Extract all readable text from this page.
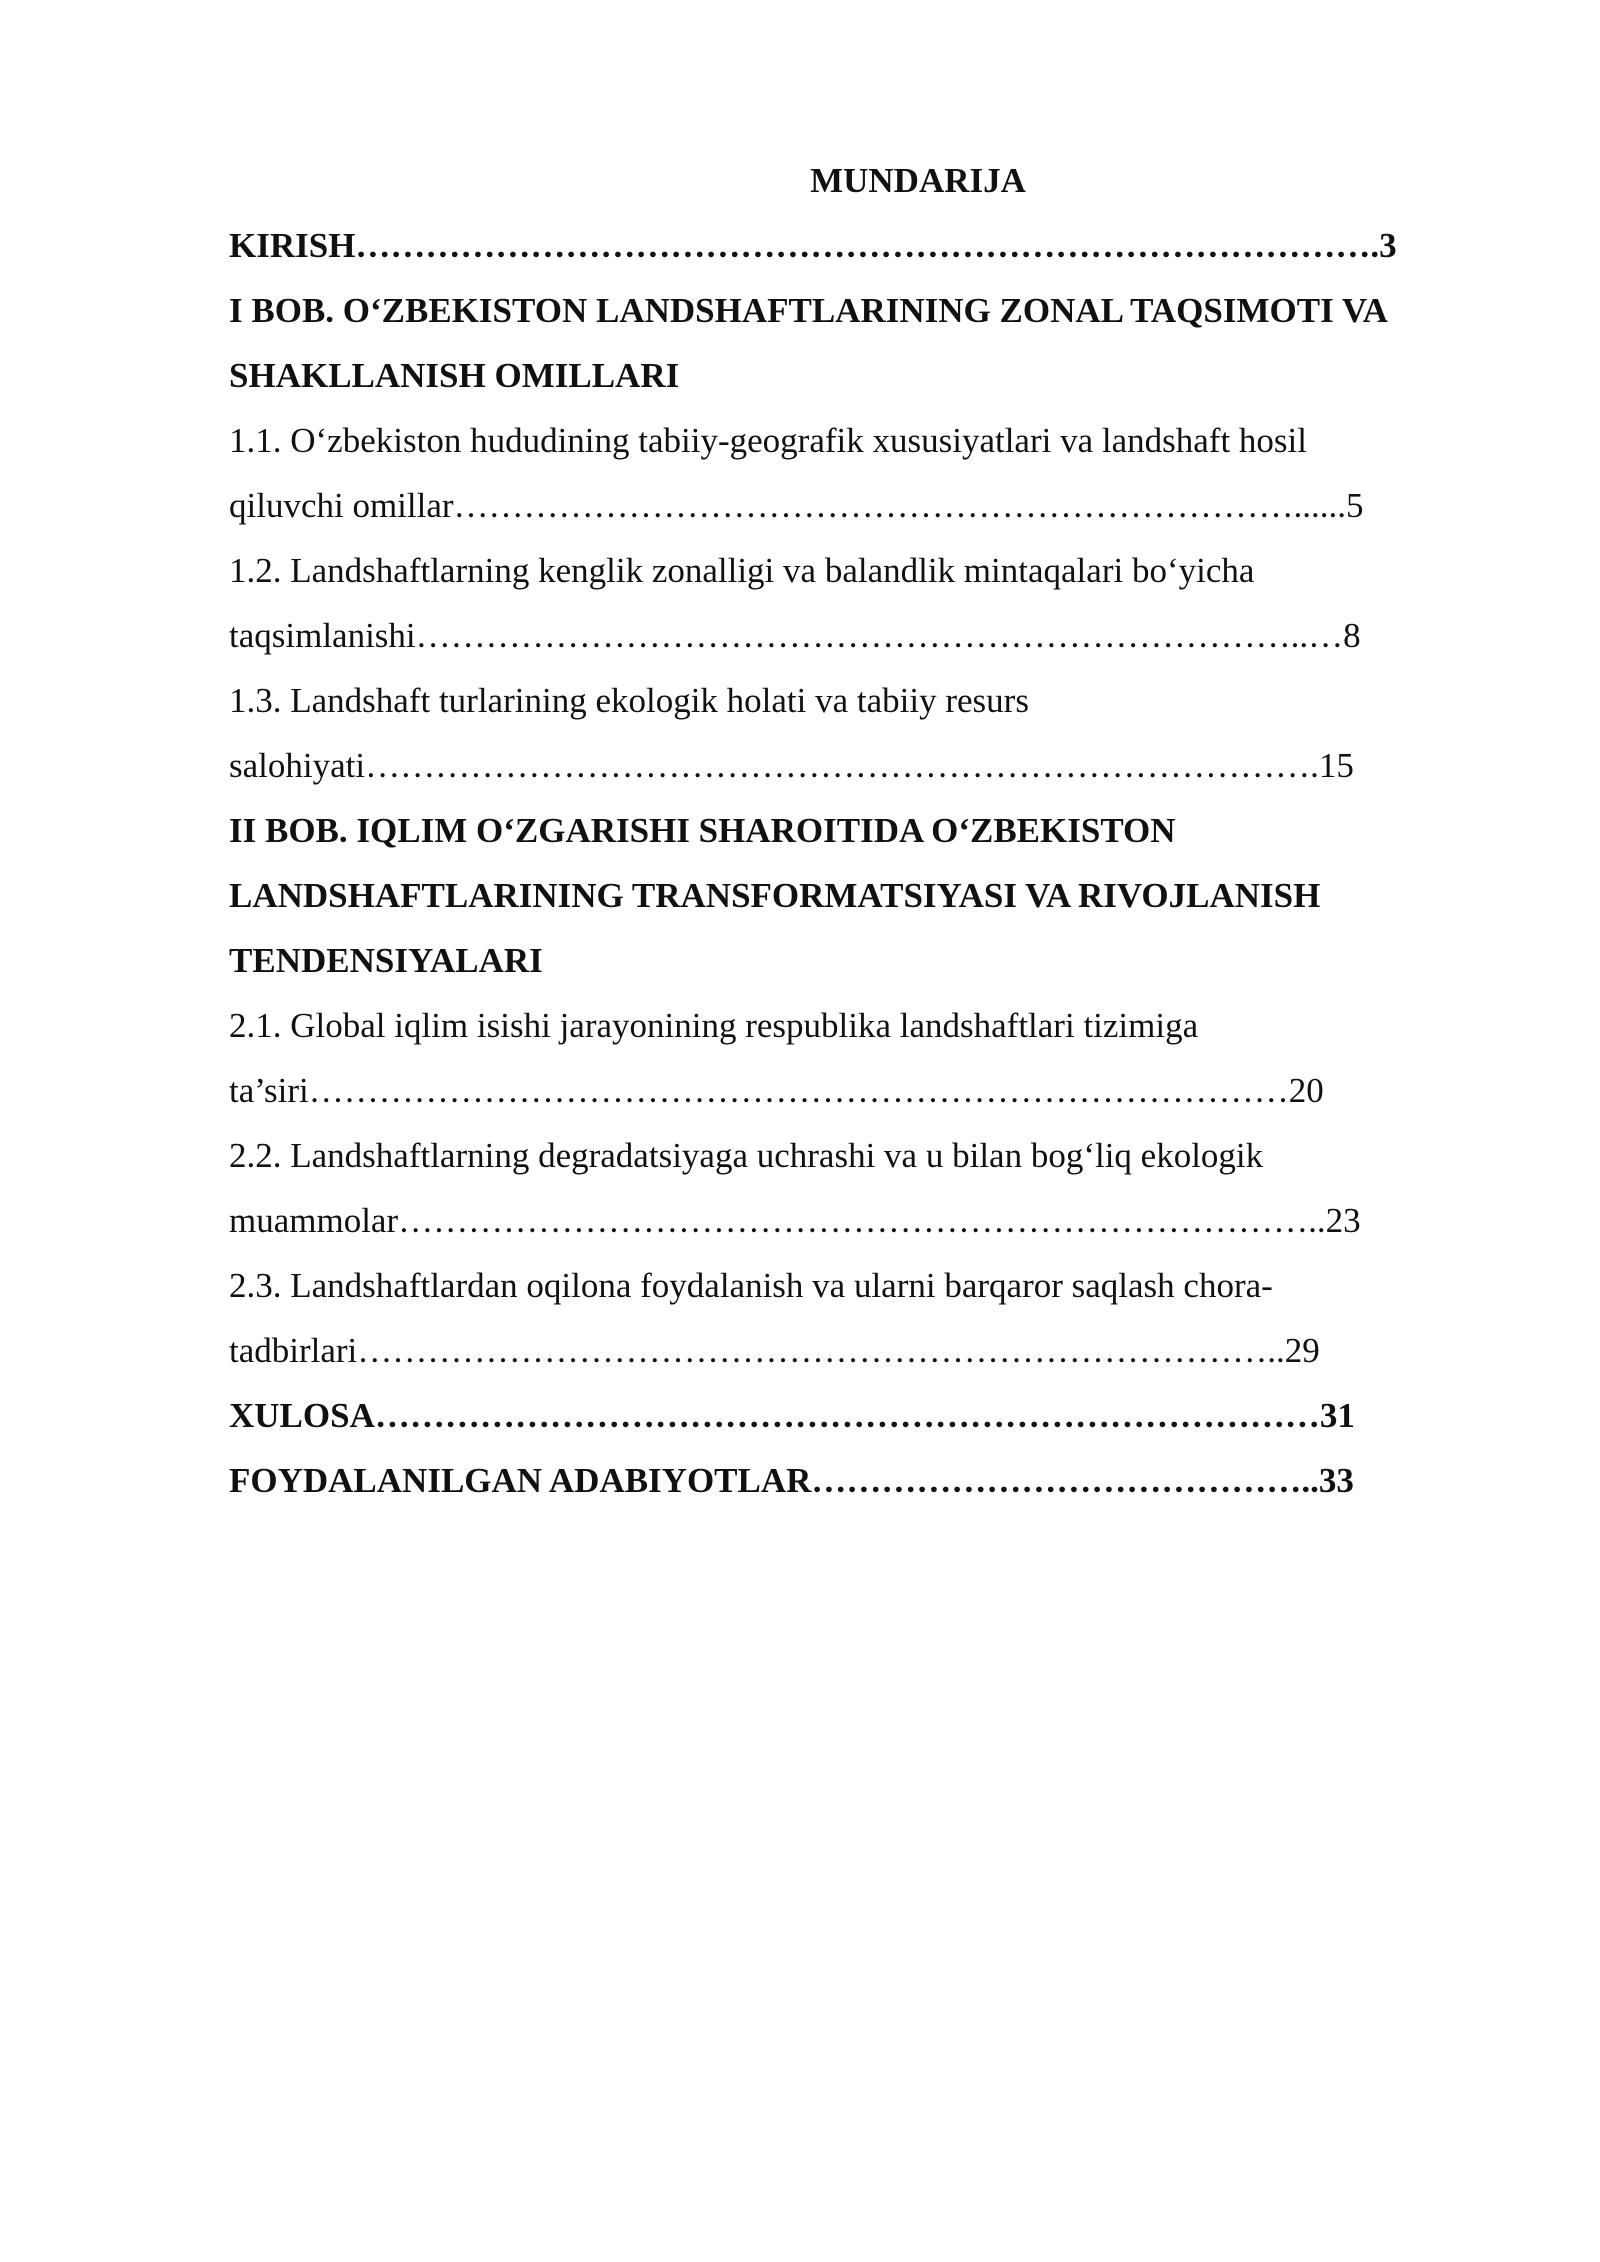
MUNDARIJA

KIRISH…………………………………………………………………………….3

I BOB. O‘ZBEKISTON LANDSHAFTLARINING ZONAL TAQSIMOTI VA

SHAKLLANISH OMILLARI

1.1. O‘zbekiston hududining tabiiy-geografik xususiyatlari va landshaft hosil

qiluvchi omillar………………………………………………………………......5

1.2. Landshaftlarning kenglik zonalligi va balandlik mintaqalari bo‘yicha

taqsimlanishi…………………………………………………………………..…8

1.3. Landshaft turlarining ekologik holati va tabiiy resurs

salohiyati……………………………………………………………………….15

II BOB. IQLIM O‘ZGARISHI SHAROITIDA O‘ZBEKISTON

LANDSHAFTLARINING TRANSFORMATSIYASI VA RIVOJLANISH

TENDENSIYALARI

2.1. Global iqlim isishi jarayonining respublika landshaftlari tizimiga

ta’siri…………………………………………………………………………20

2.2. Landshaftlarning degradatsiyaga uchrashi va u bilan bog‘liq ekologik

muammolar……………………………………………………………………..23

2.3. Landshaftlardan oqilona foydalanish va ularni barqaror saqlash chora-

tadbirlari……………………………………………………………………..29

XULOSA………………………………………………………………………31

FOYDALANILGAN ADABIYOTLAR……………………………………..33
